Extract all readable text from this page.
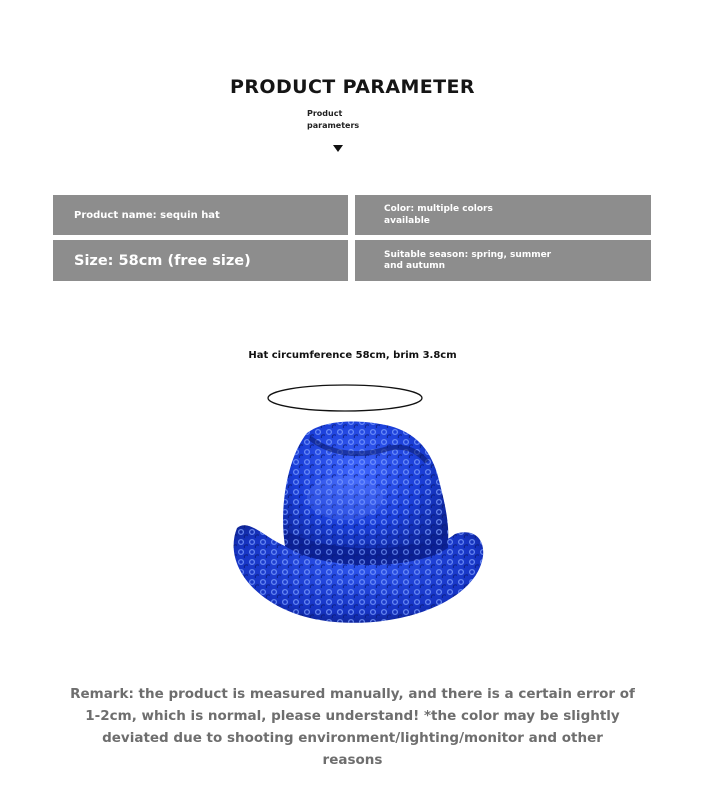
PRODUCT PARAMETER
Product parameters
Product name: sequin hat
Color: multiple colors available
Size: 58cm (free size)	Suitable season: spring, summer and autumn
Hat circumference 58cm, brim 3.8cm
Remark: the product is measured manually, and there is a certain error of 1-2cm, which is normal, please understand! *the color may be slightly deviated due to shooting environment/lighting/monitor and other reasons
